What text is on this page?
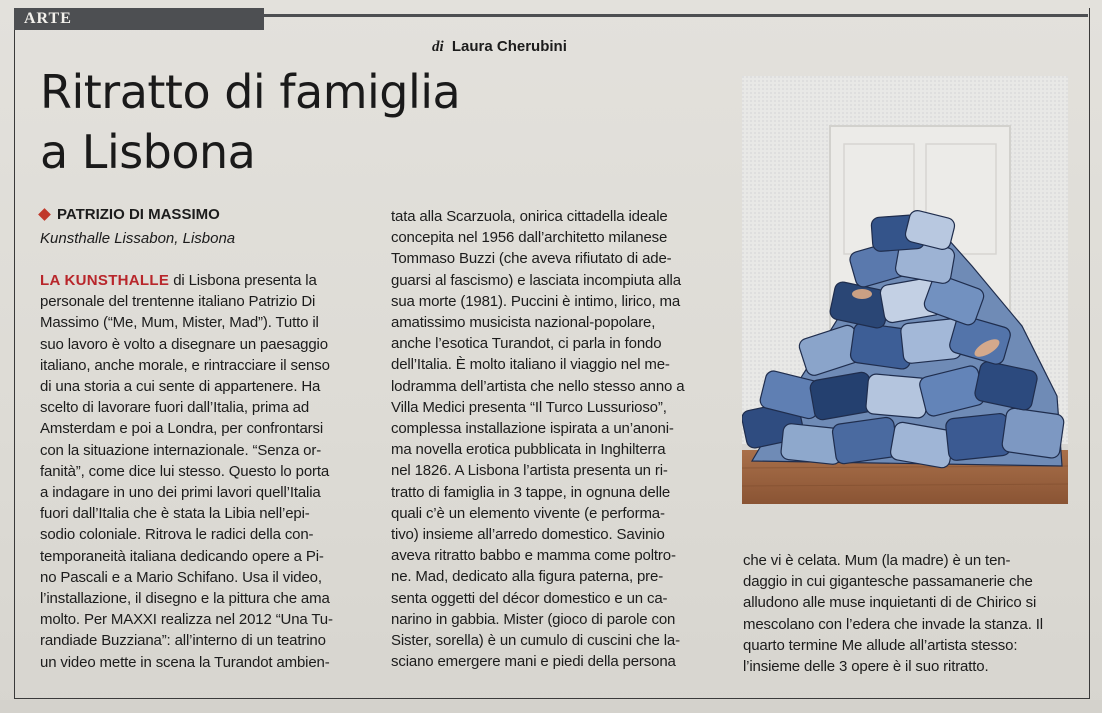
ARTE
di Laura Cherubini
Ritratto di famiglia
a Lisbona
PATRIZIO DI MASSIMO
Kunsthalle Lissabon, Lisbona
LA KUNSTHALLE di Lisbona presenta la
personale del trentenne italiano Patrizio Di
Massimo (“Me, Mum, Mister, Mad”). Tutto il
suo lavoro è volto a disegnare un paesaggio
italiano, anche morale, e rintracciare il senso
di una storia a cui sente di appartenere. Ha
scelto di lavorare fuori dall’Italia, prima ad
Amsterdam e poi a Londra, per confrontarsi
con la situazione internazionale. “Senza or-
fanità”, come dice lui stesso. Questo lo porta
a indagare in uno dei primi lavori quell’Italia
fuori dall’Italia che è stata la Libia nell’epi-
sodio coloniale. Ritrova le radici della con-
temporaneità italiana dedicando opere a Pi-
no Pascali e a Mario Schifano. Usa il video,
l’installazione, il disegno e la pittura che ama
molto. Per MAXXI realizza nel 2012 “Una Tu-
randiade Buzziana”: all’interno di un teatrino
un video mette in scena la Turandot ambien-
tata alla Scarzuola, onirica cittadella ideale
concepita nel 1956 dall’architetto milanese
Tommaso Buzzi (che aveva rifiutato di ade-
guarsi al fascismo) e lasciata incompiuta alla
sua morte (1981). Puccini è intimo, lirico, ma
amatissimo musicista nazional-popolare,
anche l’esotica Turandot, ci parla in fondo
dell’Italia. È molto italiano il viaggio nel me-
lodramma dell’artista che nello stesso anno a
Villa Medici presenta “Il Turco Lussurioso”,
complessa installazione ispirata a un’anoni-
ma novella erotica pubblicata in Inghilterra
nel 1826. A Lisbona l’artista presenta un ri-
tratto di famiglia in 3 tappe, in ognuna delle
quali c’è un elemento vivente (e performa-
tivo) insieme all’arredo domestico. Savinio
aveva ritratto babbo e mamma come poltro-
ne. Mad, dedicato alla figura paterna, pre-
senta oggetti del décor domestico e un ca-
narino in gabbia. Mister (gioco di parole con
Sister, sorella) è un cumulo di cuscini che la-
sciano emergere mani e piedi della persona
che vi è celata. Mum (la madre) è un ten-
daggio in cui gigantesche passamanerie che
alludono alle muse inquietanti di de Chirico si
mescolano con l’edera che invade la stanza. Il
quarto termine Me allude all’artista stesso:
l’insieme delle 3 opere è il suo ritratto.
